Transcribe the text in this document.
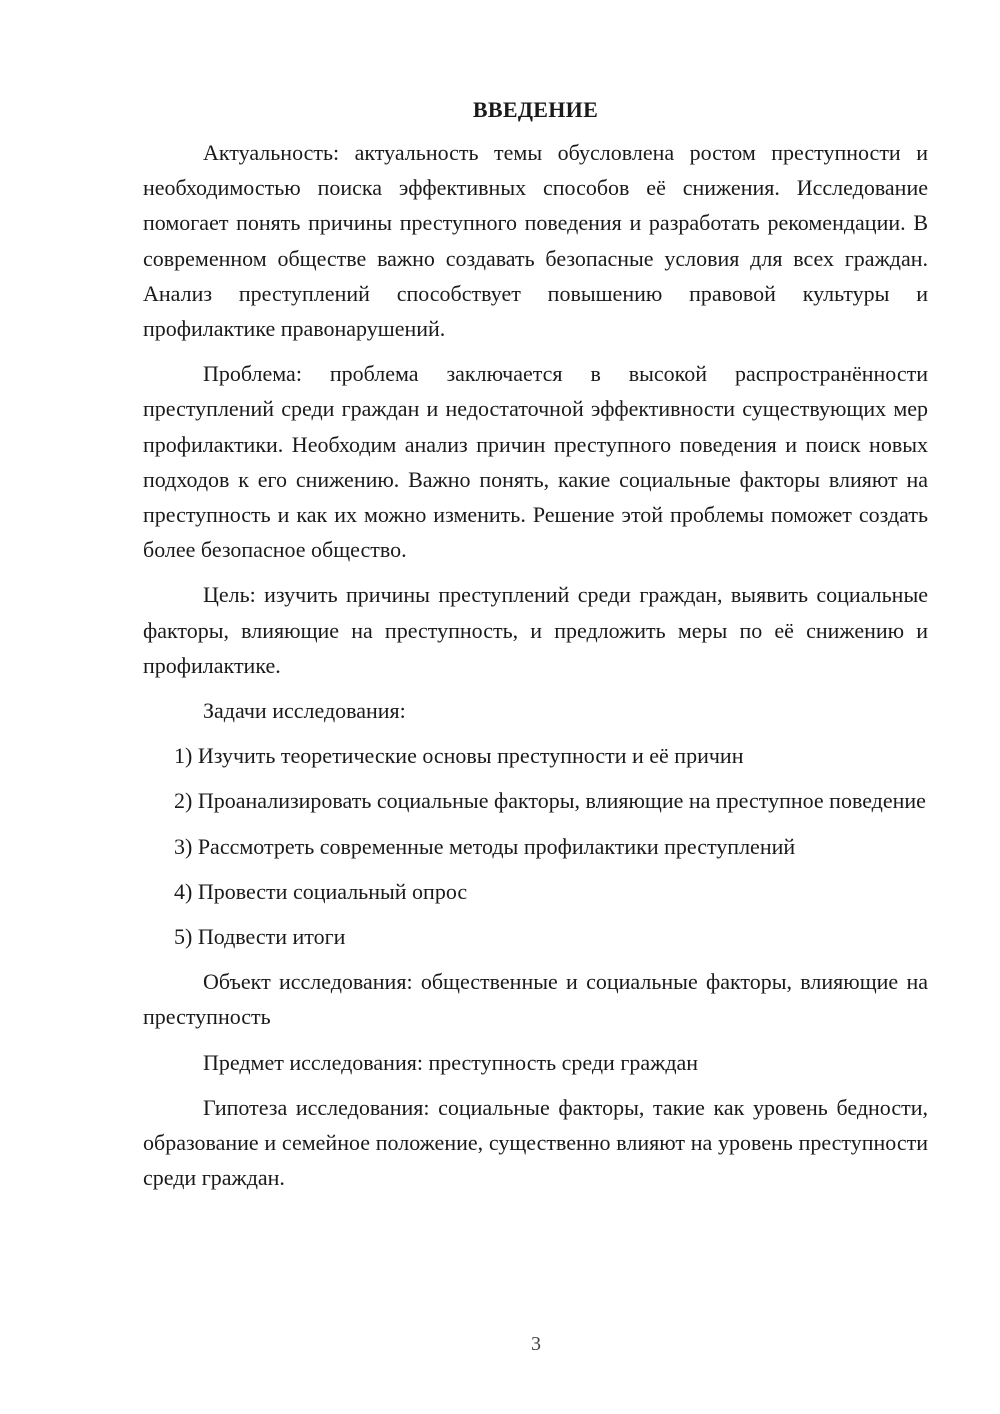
ВВЕДЕНИЕ

Актуальность: актуальность темы обусловлена ростом преступности и необходимостью поиска эффективных способов её снижения. Исследование помогает понять причины преступного поведения и разработать рекомендации. В современном обществе важно создавать безопасные условия для всех граждан. Анализ преступлений способствует повышению правовой культуры и профилактике правонарушений.

Проблема: проблема заключается в высокой распространённости преступлений среди граждан и недостаточной эффективности существующих мер профилактики. Необходим анализ причин преступного поведения и поиск новых подходов к его снижению. Важно понять, какие социальные факторы влияют на преступность и как их можно изменить. Решение этой проблемы поможет создать более безопасное общество.

Цель: изучить причины преступлений среди граждан, выявить социальные факторы, влияющие на преступность, и предложить меры по её снижению и профилактике.

Задачи исследования:

1) Изучить теоретические основы преступности и её причин

2) Проанализировать социальные факторы, влияющие на преступное поведение

3) Рассмотреть современные методы профилактики преступлений

4) Провести социальный опрос

5) Подвести итоги

Объект исследования: общественные и социальные факторы, влияющие на преступность

Предмет исследования: преступность среди граждан

Гипотеза исследования: социальные факторы, такие как уровень бедности, образование и семейное положение, существенно влияют на уровень преступности среди граждан.

3
